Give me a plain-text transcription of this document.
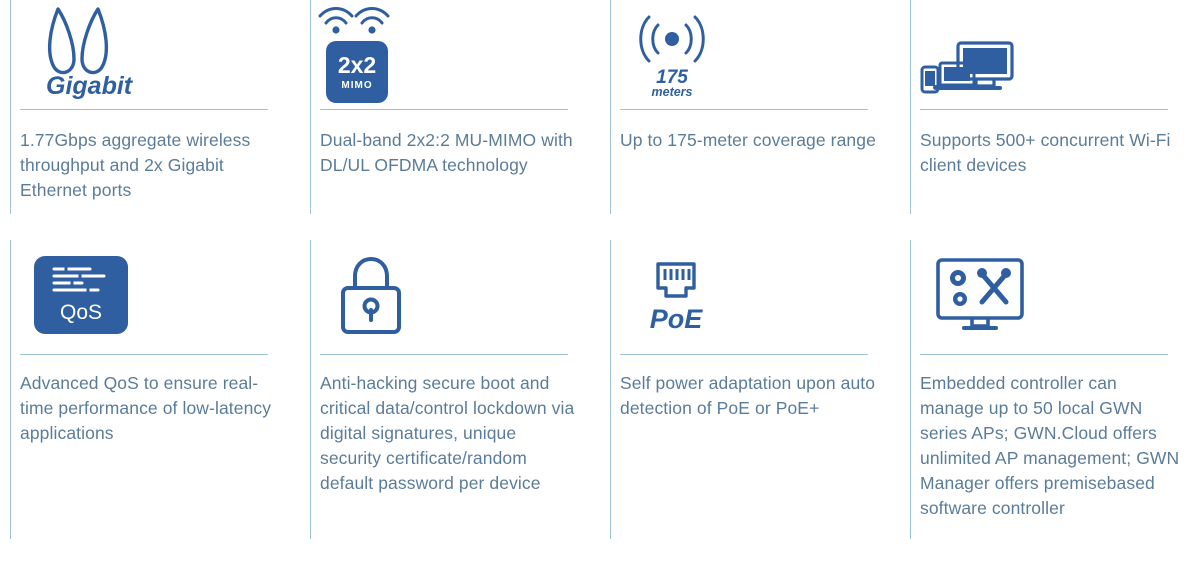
Gigabit
1.77Gbps aggregate wireless throughput and 2x Gigabit Ethernet ports
2x2
MIMO
Dual-band 2x2:2 MU-MIMO with DL/UL OFDMA technology
175
meters
Up to 175-meter coverage range	Supports 500+ concurrent Wi-Fi client devices
QoS
Advanced QoS to ensure real-time performance of low-latency applications
Anti-hacking secure boot and critical data/control lockdown via digital signatures, unique security certificate/random default password per device
PoE
Self power adaptation upon auto detection of PoE or PoE+
Embedded controller can manage up to 50 local GWN series APs; GWN.Cloud offers unlimited AP management; GWN Manager offers premisebased software controller
